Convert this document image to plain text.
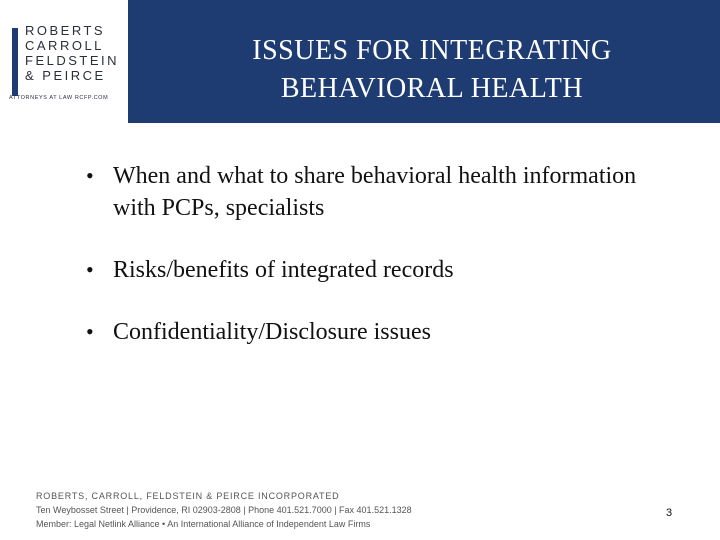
ROBERTS
CARROLL
FELDSTEIN
& PEIRCE
ATTORNEYS AT LAW RCFP.COM
ISSUES FOR INTEGRATING
BEHAVIORAL HEALTH
• When and what to share behavioral health information with PCPs, specialists
• Risks/benefits of integrated records
• Confidentiality/Disclosure issues
ROBERTS, CARROLL, FELDSTEIN & PEIRCE INCORPORATED
Ten Weybosset Street | Providence, RI 02903-2808 | Phone 401.521.7000 | Fax 401.521.1328
Member: Legal Netlink Alliance • An International Alliance of Independent Law Firms
3
